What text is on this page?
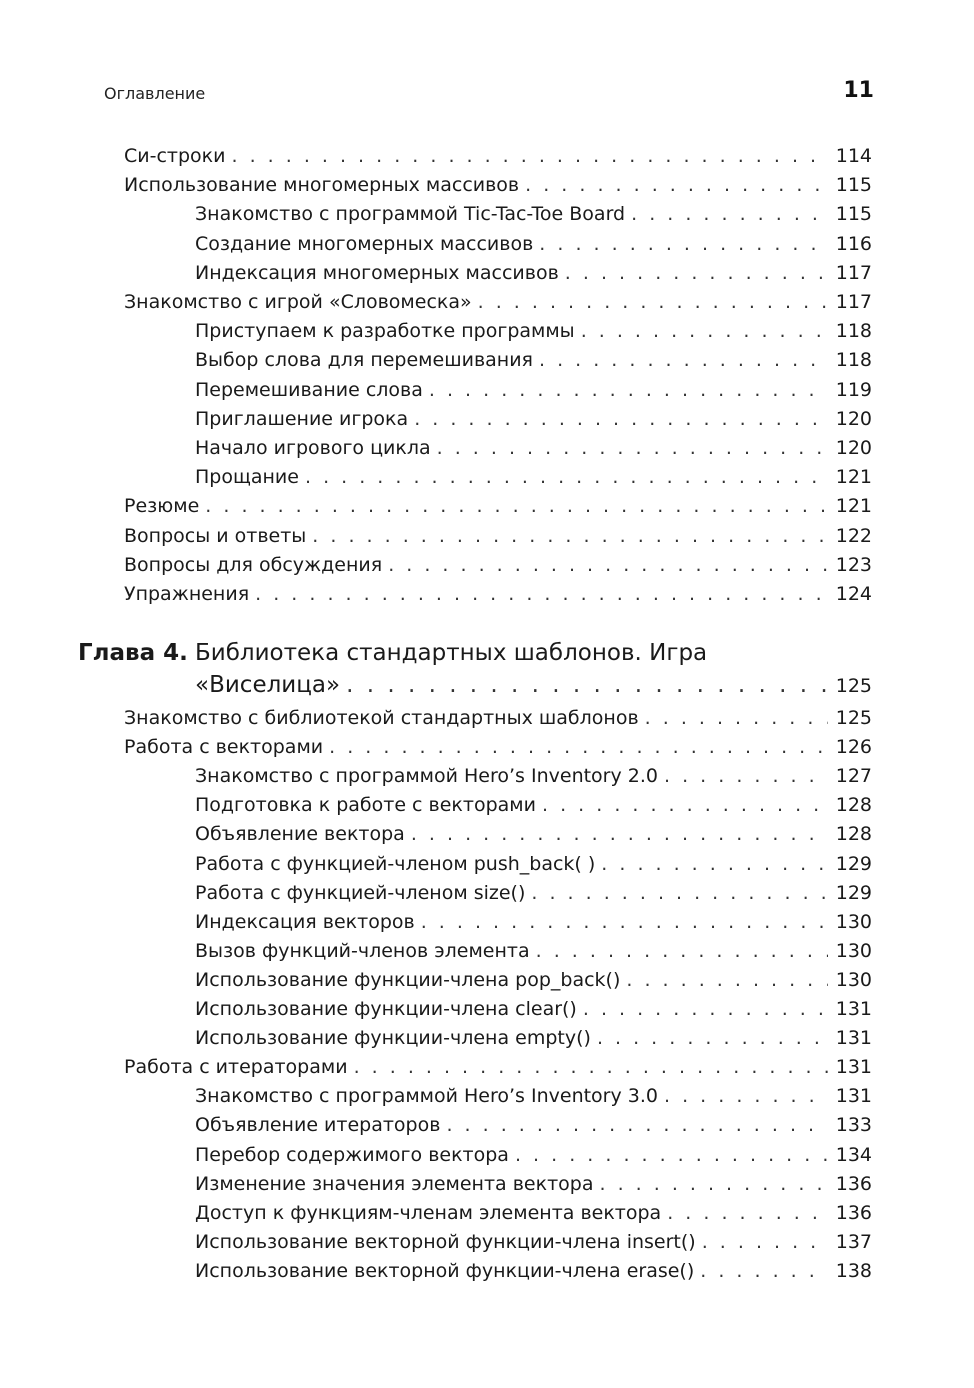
Оглавление	11
Си-строки . . .	114
Использование многомерных массивов . . .	115
Знакомство с программой Tic-Tac-Toe Board . . .	115
Создание многомерных массивов . . .	116
Индексация многомерных массивов . . .	117
Знакомство с игрой «Словомеска» . . .	117
Приступаем к разработке программы . . .	118
Выбор слова для перемешивания . . .	118
Перемешивание слова . . .	119
Приглашение игрока . . .	120
Начало игрового цикла . . .	120
Прощание . . .	121
Резюме . . .	121
Вопросы и ответы . . .	122
Вопросы для обсуждения . . .	123
Упражнения . . .	124
Глава 4. Библиотека стандартных шаблонов. Игра
«Виселица» . . .	125
Знакомство с библиотекой стандартных шаблонов . . .	125
Работа с векторами . . .	126
Знакомство с программой Hero’s Inventory 2.0 . . .	127
Подготовка к работе с векторами . . .	128
Объявление вектора . . .	128
Работа с функцией-членом push_back( ) . . .	129
Работа с функцией-членом size() . . .	129
Индексация векторов . . .	130
Вызов функций-членов элемента . . .	130
Использование функции-члена pop_back() . . .	130
Использование функции-члена clear() . . .	131
Использование функции-члена empty() . . .	131
Работа с итераторами . . .	131
Знакомство с программой Hero’s Inventory 3.0 . . .	131
Объявление итераторов . . .	133
Перебор содержимого вектора . . .	134
Изменение значения элемента вектора . . .	136
Доступ к функциям-членам элемента вектора . . .	136
Использование векторной функции-члена insert() . . .	137
Использование векторной функции-члена erase() . . .	138
